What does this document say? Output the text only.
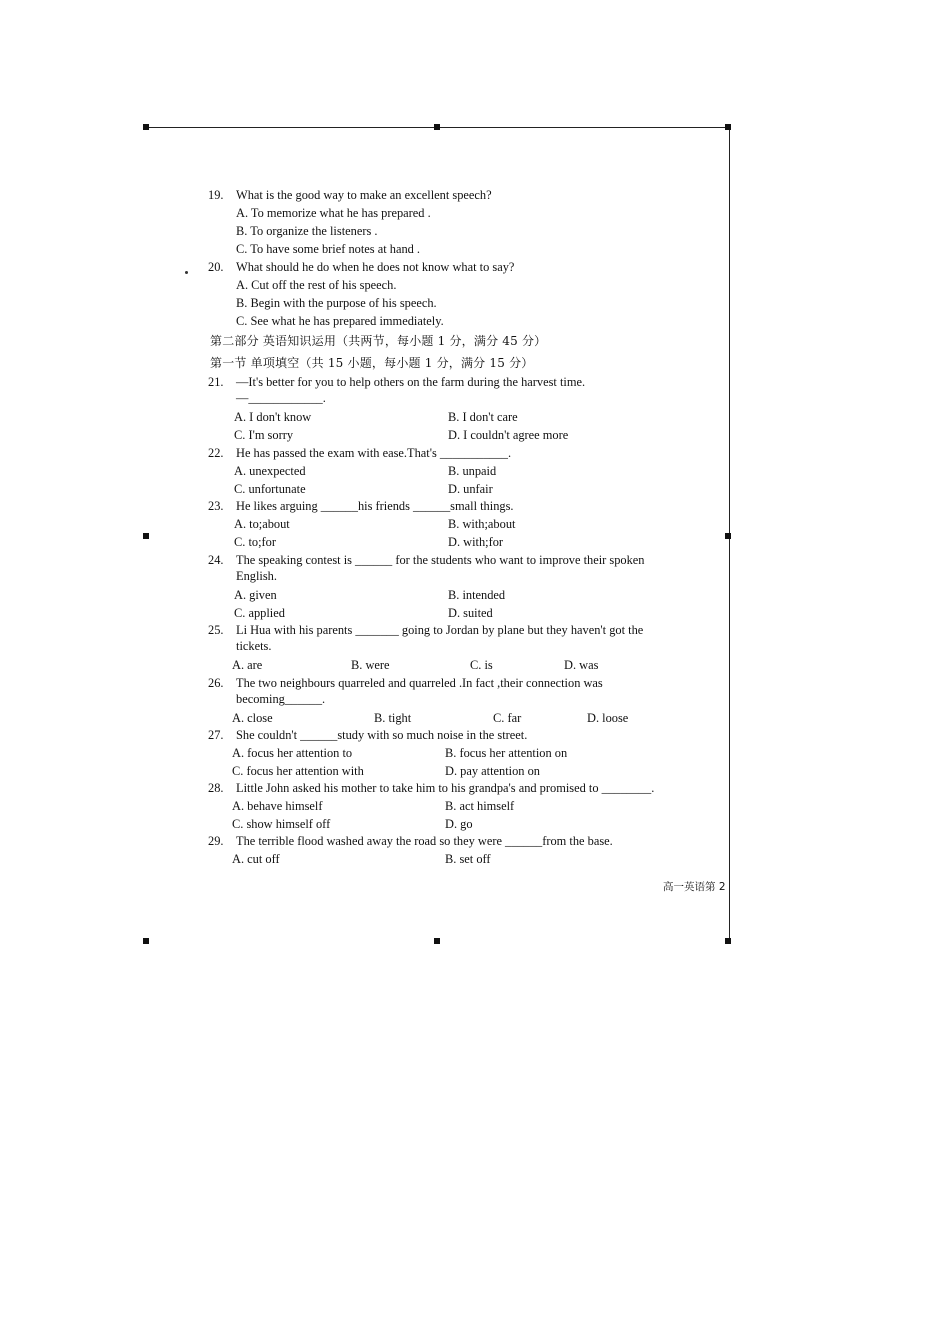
19. What is the good way to make an excellent speech?
A. To memorize what he has prepared .
B. To organize the listeners .
C. To have some brief notes at hand .
20. What should he do when he does not know what to say?
A. Cut off the rest of his speech.
B. Begin with the purpose of his speech.
C. See what he has prepared immediately.
第二部分 英语知识运用（共两节，每小题 1 分，满分 45 分）
第一节 单项填空（共 15 小题，每小题 1 分，满分 15 分）
21. —It's better for you to help others on the farm during the harvest time.
—____________.
A. I don't know	B. I don't care
C. I'm sorry	D. I couldn't agree more
22. He has passed the exam with ease.That's ___________.
A. unexpected	B. unpaid
C. unfortunate	D. unfair
23. He likes arguing ______his friends ______small things.
A. to;about	B. with;about
C. to;for	D. with;for
24. The speaking contest is ______ for the students who want to improve their spoken
English.
A. given	B. intended
C. applied	D. suited
25. Li Hua with his parents _______ going to Jordan by plane but they haven't got the
tickets.
A. are	B. were	C. is	D. was
26. The two neighbours quarreled and quarreled .In fact ,their connection was
becoming______.
A. close	B. tight	C. far	D. loose
27. She couldn't ______study with so much noise in the street.
A. focus her attention to	B. focus her attention on
C. focus her attention with	D. pay attention on
28. Little John asked his mother to take him to his grandpa's and promised to ________.
A. behave himself	B. act himself
C. show himself off	D. go
29. The terrible flood washed away the road so they were ______from the base.
A. cut off	B. set off
高一英语第 2
